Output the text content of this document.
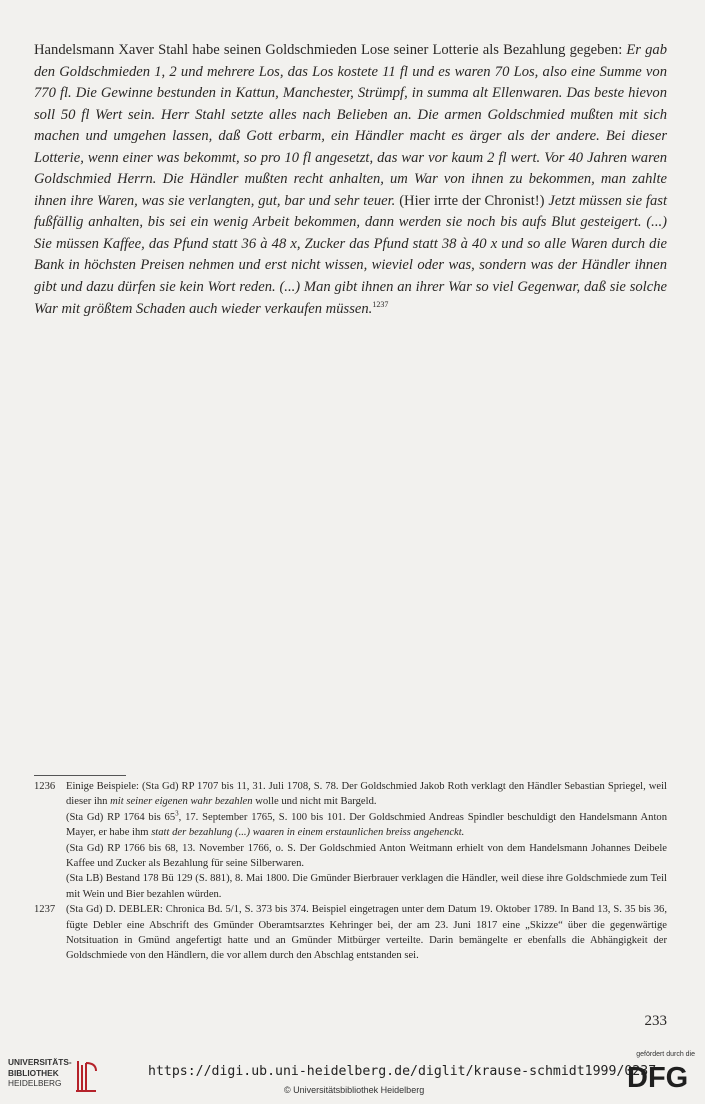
Handelsmann Xaver Stahl habe seinen Goldschmieden Lose seiner Lotterie als Bezahlung gegeben: Er gab den Goldschmieden 1, 2 und mehrere Los, das Los kostete 11 fl und es waren 70 Los, also eine Summe von 770 fl. Die Gewinne bestunden in Kattun, Manchester, Strümpf, in summa alt Ellenwaren. Das beste hievon soll 50 fl Wert sein. Herr Stahl setzte alles nach Belieben an. Die armen Goldschmied mußten mit sich machen und umgehen lassen, daß Gott erbarm, ein Händler macht es ärger als der andere. Bei dieser Lotterie, wenn einer was bekommt, so pro 10 fl angesetzt, das war vor kaum 2 fl wert. Vor 40 Jahren waren Goldschmied Herrn. Die Händler mußten recht anhalten, um War von ihnen zu bekommen, man zahlte ihnen ihre Waren, was sie verlangten, gut, bar und sehr teuer. (Hier irrte der Chronist!) Jetzt müssen sie fast fußfällig anhalten, bis sei ein wenig Arbeit bekommen, dann werden sie noch bis aufs Blut gesteigert. (...) Sie müssen Kaffee, das Pfund statt 36 à 48 x, Zucker das Pfund statt 38 à 40 x und so alle Waren durch die Bank in höchsten Preisen nehmen und erst nicht wissen, wieviel oder was, sondern was der Händler ihnen gibt und dazu dürfen sie kein Wort reden. (...) Man gibt ihnen an ihrer War so viel Gegenwar, daß sie solche War mit größtem Schaden auch wieder verkaufen müssen.$^{1237}$

1236	Einige Beispiele: (Sta Gd) RP 1707 bis 11, 31. Juli 1708, S. 78. Der Goldschmied Jakob Roth verklagt den Händler Sebastian Spriegel, weil dieser ihn mit seiner eigenen wahr bezahlen wolle und nicht mit Bargeld.

(Sta Gd) RP 1764 bis $65^3$, 17. September 1765, S. 100 bis 101. Der Goldschmied Andreas Spindler beschuldigt den Handelsmann Anton Mayer, er habe ihm statt der bezahlung (...) waaren in einem erstaunlichen breiss angehenckt.

(Sta Gd) RP 1766 bis 68, 13. November 1766, o. S. Der Goldschmied Anton Weitmann erhielt von dem Handelsmann Johannes Deibele Kaffee und Zucker als Bezahlung für seine Silberwaren.

(Sta LB) Bestand 178 Bü 129 (S. 881), 8. Mai 1800. Die Gmünder Bierbrauer verklagen die Händler, weil diese ihre Goldschmiede zum Teil mit Wein und Bier bezahlen würden.

1237	(Sta Gd) D. DEBLER: Chronica Bd. 5/1, S. 373 bis 374. Beispiel eingetragen unter dem Datum 19. Oktober 1789. In Band 13, S. 35 bis 36, fügte Debler eine Abschrift des Gmünder Oberamtsarztes Kehringer bei, der am 23. Juni 1817 eine „Skizze“ über die gegenwärtige Notsituation in Gmünd angefertigt hatte und an Gmünder Mitbürger verteilte. Darin bemängelte er ebenfalls die Abhängigkeit der Goldschmiede von den Händlern, die vor allem durch den Abschlag entstanden sei.

233
UNIVERSITÄTS-
BIBLIOTHEK
HEIDELBERG
https://digi.ub.uni-heidelberg.de/diglit/krause-schmidt1999/0237
© Universitätsbibliothek Heidelberg
gefördert durch die
DFG
